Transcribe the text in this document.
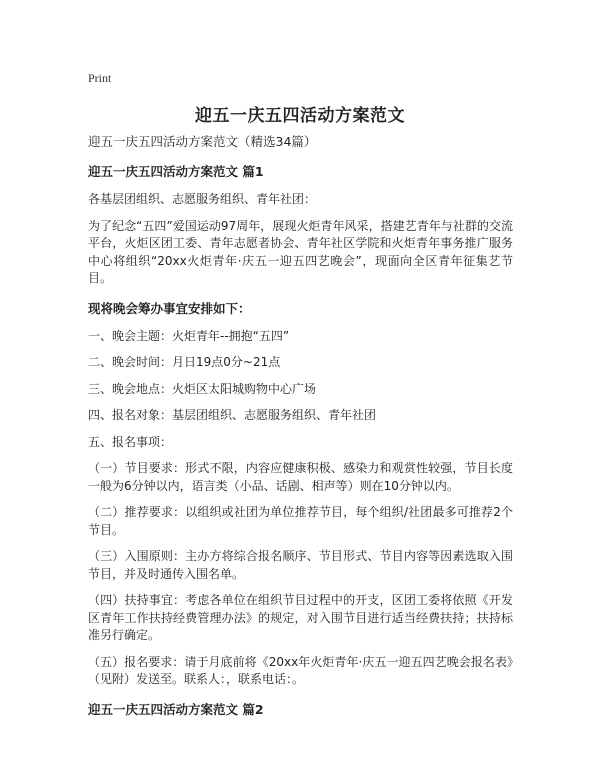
Print
迎五一庆五四活动方案范文
迎五一庆五四活动方案范文（精选34篇）
迎五一庆五四活动方案范文 篇1

各基层团组织、志愿服务组织、青年社团：

为了纪念“五四”爱国运动97周年，展现火炬青年风采，搭建艺青年与社群的交流平台，火炬区团工委、青年志愿者协会、青年社区学院和火炬青年事务推广服务中心将组织“20xx火炬青年·庆五一迎五四艺晚会”，现面向全区青年征集艺节目。

现将晚会筹办事宜安排如下：

一、晚会主题：火炬青年--拥抱“五四”

二、晚会时间：月日19点0分~21点

三、晚会地点：火炬区太阳城购物中心广场

四、报名对象：基层团组织、志愿服务组织、青年社团

五、报名事项：

（一）节目要求：形式不限，内容应健康积极、感染力和观赏性较强，节目长度一般为6分钟以内，语言类（小品、话剧、相声等）则在10分钟以内。

（二）推荐要求：以组织或社团为单位推荐节目，每个组织/社团最多可推荐2个节目。

（三）入围原则：主办方将综合报名顺序、节目形式、节目内容等因素选取入围节目，并及时通传入围名单。

（四）扶持事宜：考虑各单位在组织节目过程中的开支，区团工委将依照《开发区青年工作扶持经费管理办法》的规定，对入围节目进行适当经费扶持；扶持标准另行确定。

（五）报名要求：请于月底前将《20xx年火炬青年·庆五一迎五四艺晚会报名表》（见附）发送至。联系人：，联系电话：。

迎五一庆五四活动方案范文 篇2
